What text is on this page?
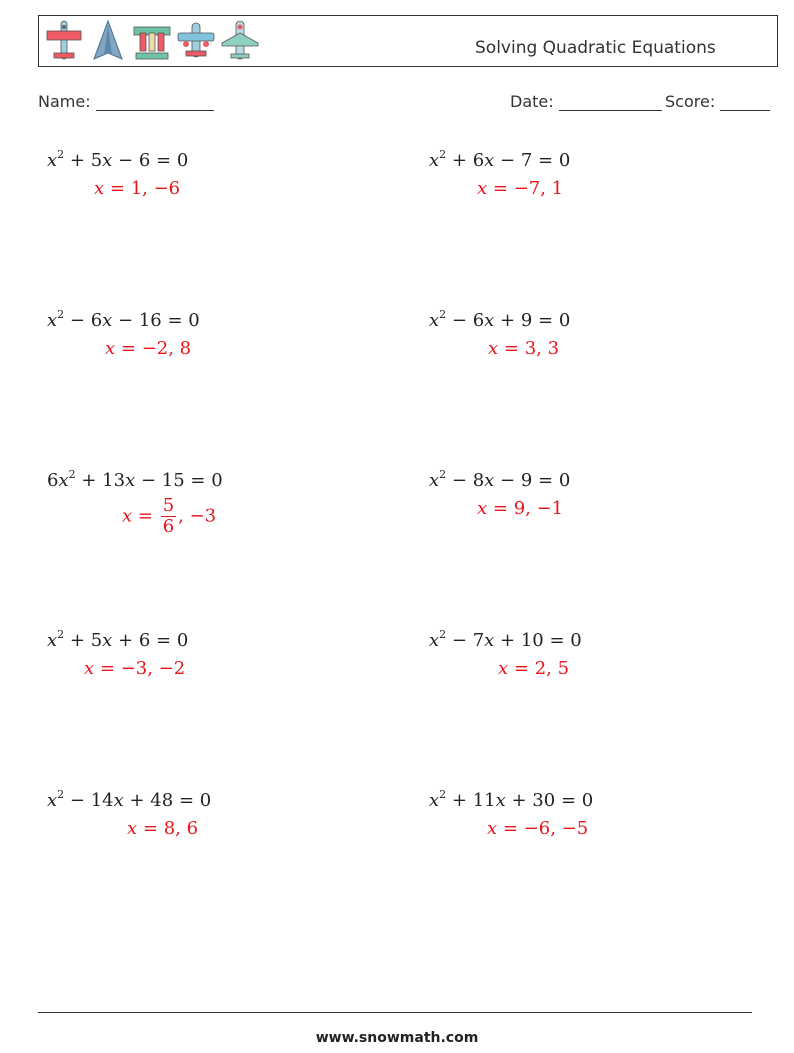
Solving Quadratic Equations
Name:	Date:	Score:
$x^2 + 5x - 6 = 0$
x = 1, −6
$x^2 + 6x - 7 = 0$
x = −7, 1
$x^2 - 6x - 16 = 0$
x = −2, 8
$x^2 - 6x + 9 = 0$
x = 3, 3
$6x^2 + 13x - 15 = 0$
$x = \frac{5}{6}$ , −3
$x^2 - 8x - 9 = 0$
x = 9, −1
$x^2 + 5x + 6 = 0$
x = −3, −2
$x^2 - 7x + 10 = 0$
x = 2, 5
$x^2 - 14x + 48 = 0$
x = 8, 6
$x^2 + 11x + 30 = 0$
x = −6, −5
www.snowmath.com
